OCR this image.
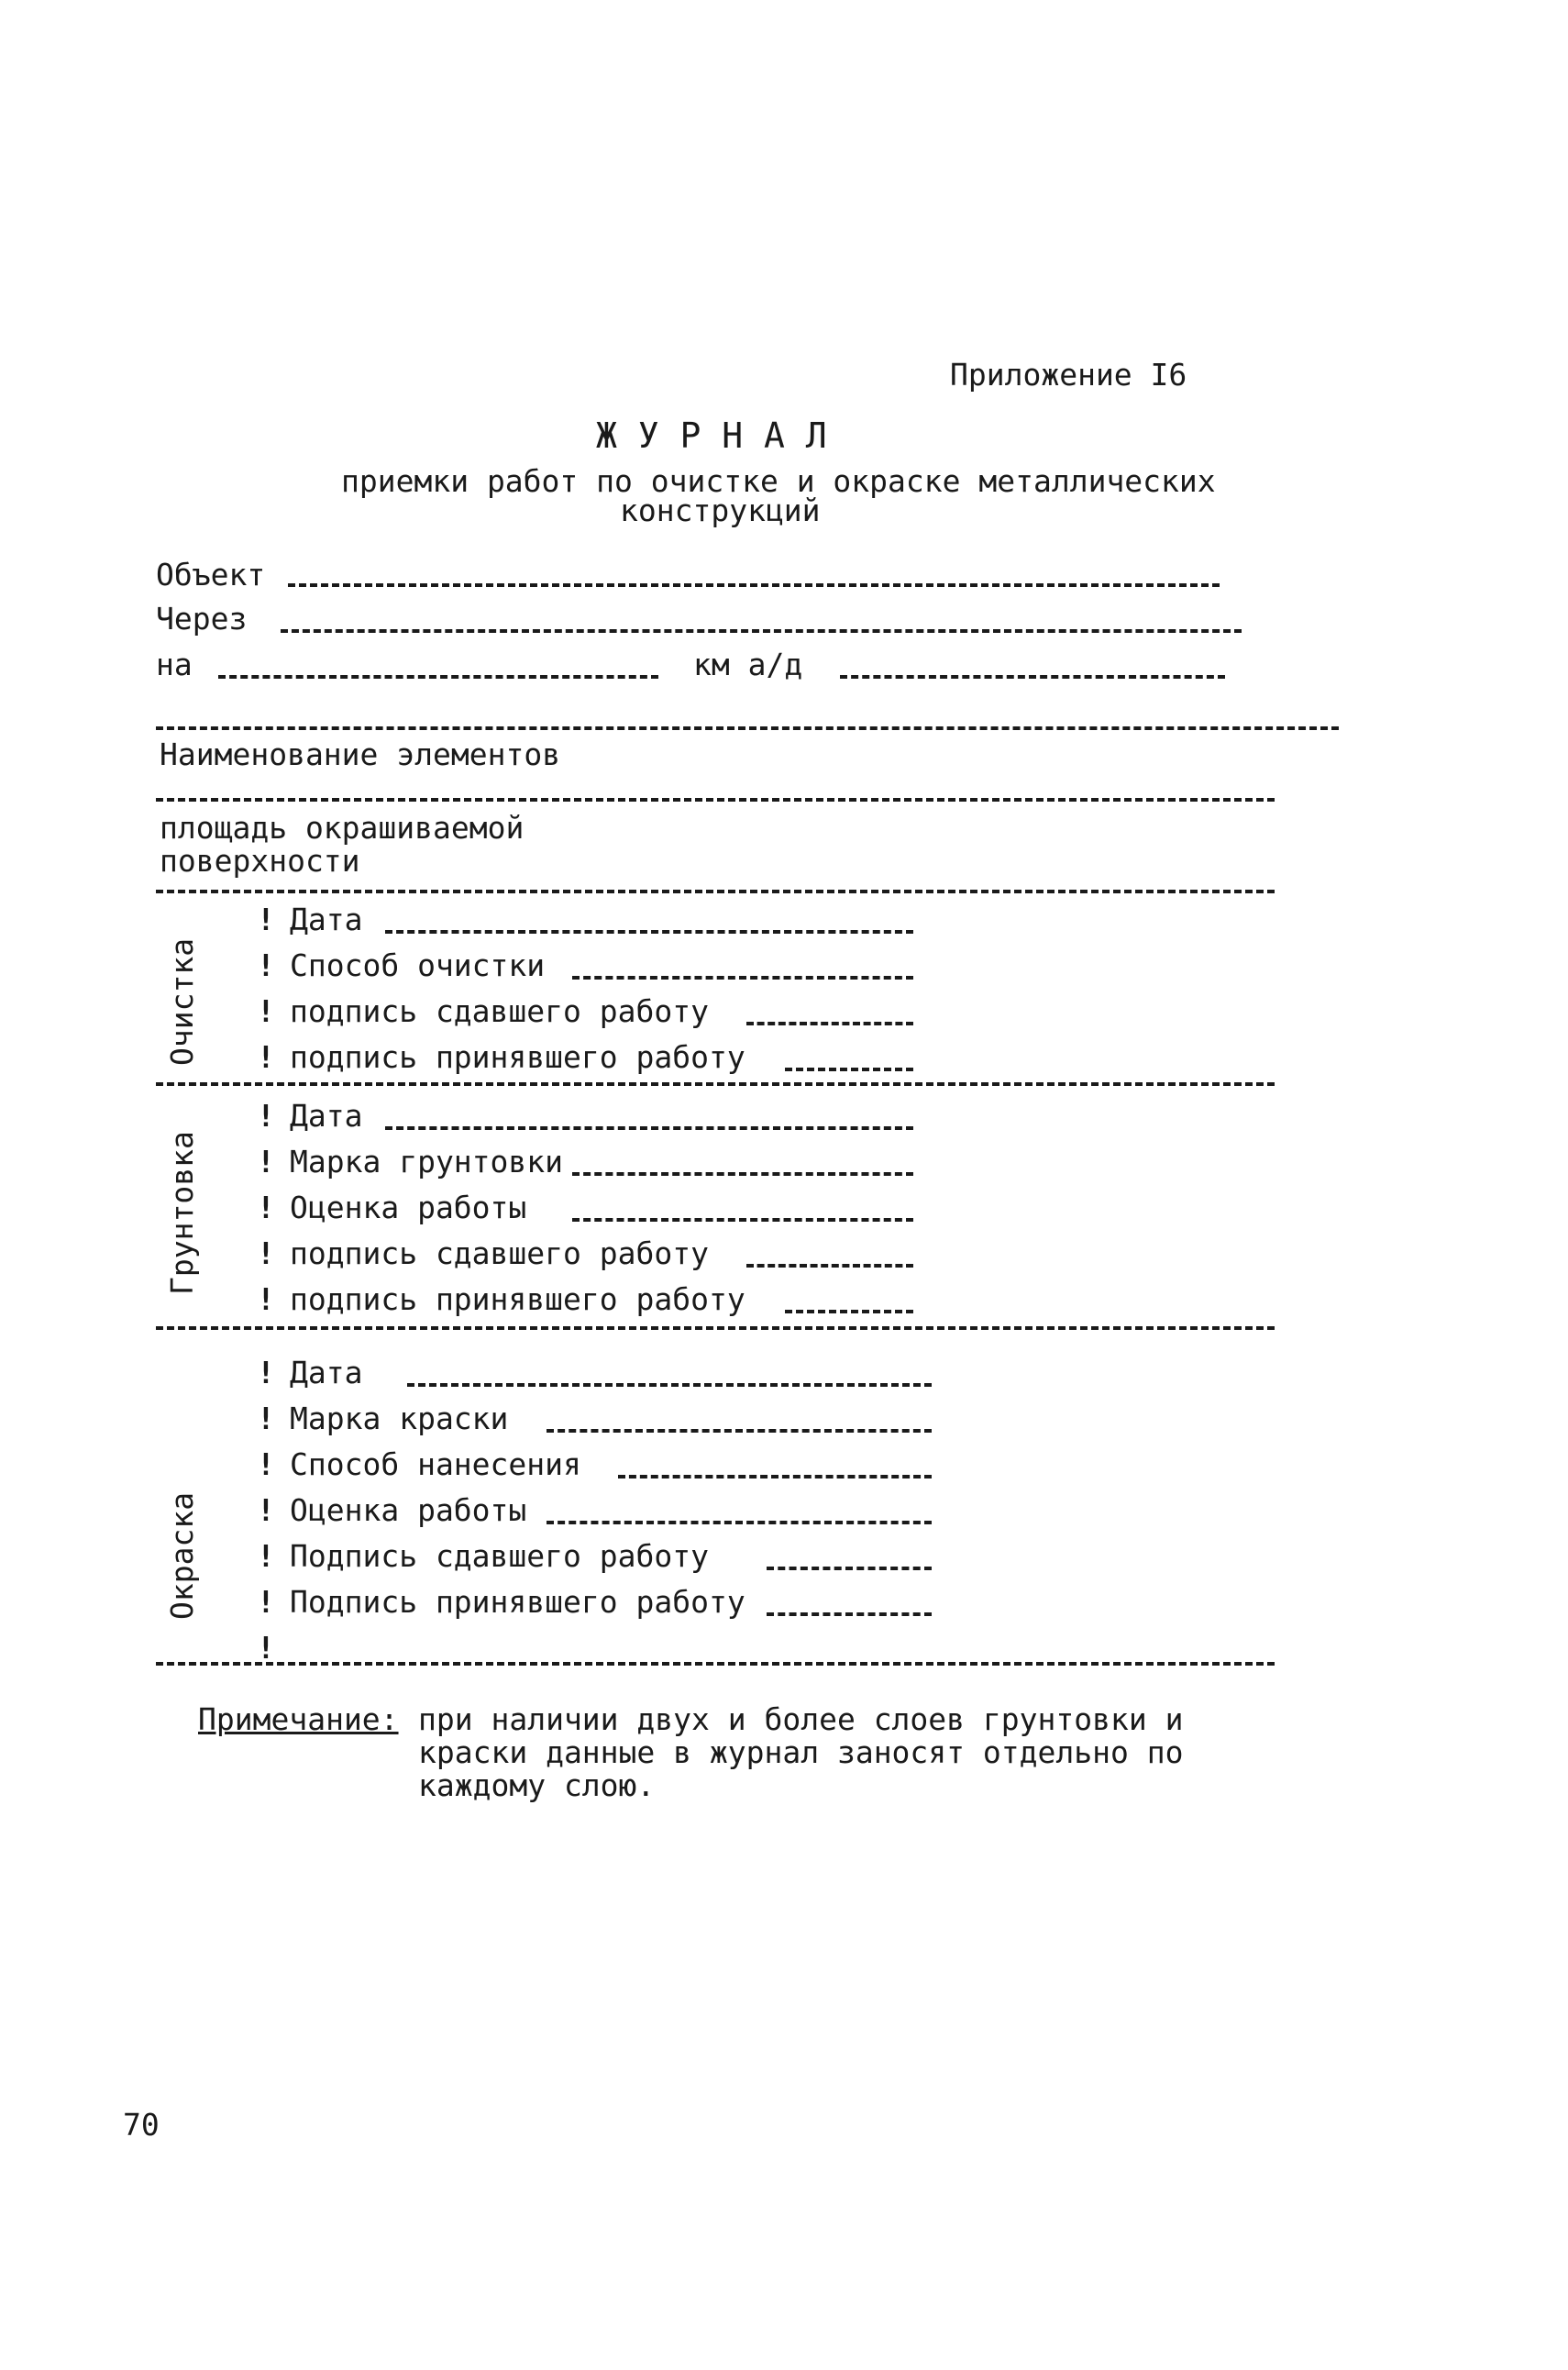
Приложение I6
Ж У Р Н А Л
приемки работ по очистке и окраске металлических
конструкций
Объект
Через
на	км а/д
Наименование элементов
площадь окрашиваемой
поверхности
Очистка
!
!
!
!
Дата
Способ очистки
подпись сдавшего работу
подпись принявшего работу
Грунтовка
!
!
!
!
!
Дата
Марка грунтовки
Оценка работы
подпись сдавшего работу
подпись принявшего работу
Окраска
!
!
!
!
!
!
!
Дата
Марка краски
Способ нанесения
Оценка работы
Подпись сдавшего работу
Подпись принявшего работу
Примечание: при наличии двух и более слоев грунтовки и
краски данные в журнал заносят отдельно по
каждому слою.
70
